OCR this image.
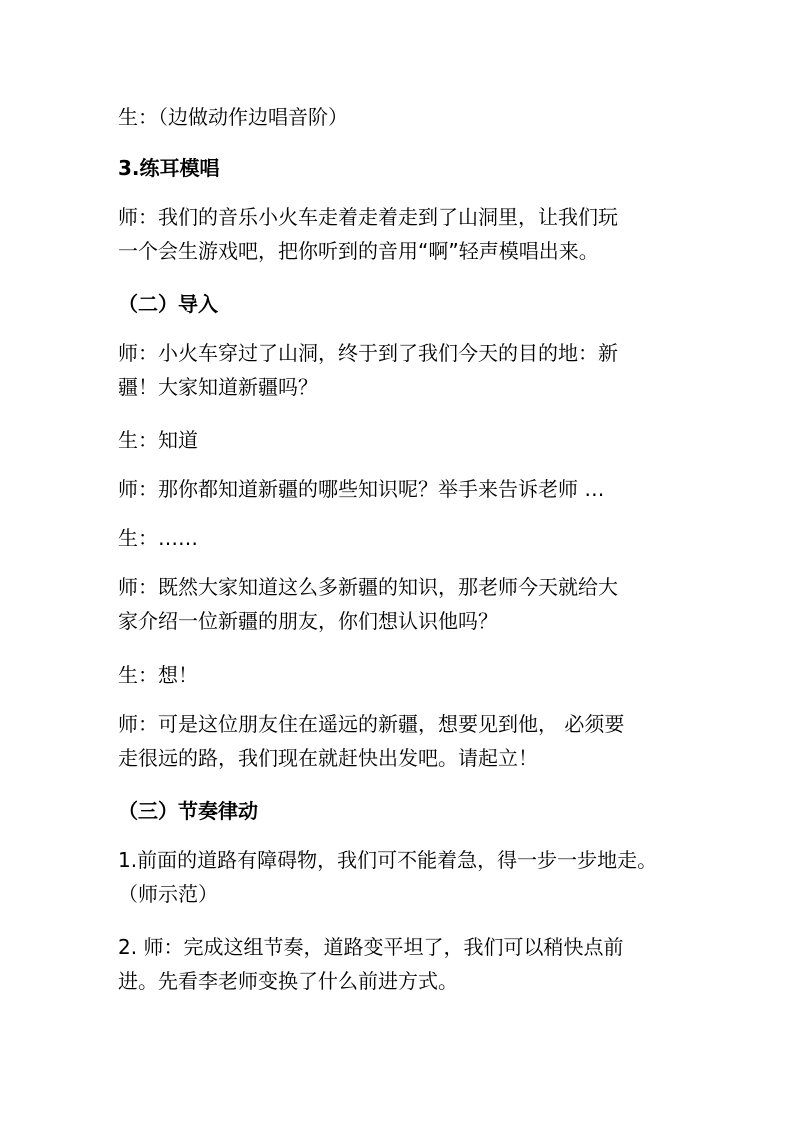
生：（边做动作边唱音阶）

3.练耳模唱

师：我们的音乐小火车走着走着走到了山洞里，让我们玩
一个会生游戏吧，把你听到的音用“啊”轻声模唱出来。

（二）导入

师：小火车穿过了山洞，终于到了我们今天的目的地：新
疆！大家知道新疆吗？

生：知道

师：那你都知道新疆的哪些知识呢？举手来告诉老师 …

生：……

师：既然大家知道这么多新疆的知识，那老师今天就给大
家介绍一位新疆的朋友，你们想认识他吗？

生：想！

师：可是这位朋友住在遥远的新疆，想要见到他， 必须要
走很远的路，我们现在就赶快出发吧。请起立！

（三）节奏律动

1.前面的道路有障碍物，我们可不能着急，得一步一步地走。
（师示范）

2. 师：完成这组节奏，道路变平坦了，我们可以稍快点前
进。先看李老师变换了什么前进方式。
